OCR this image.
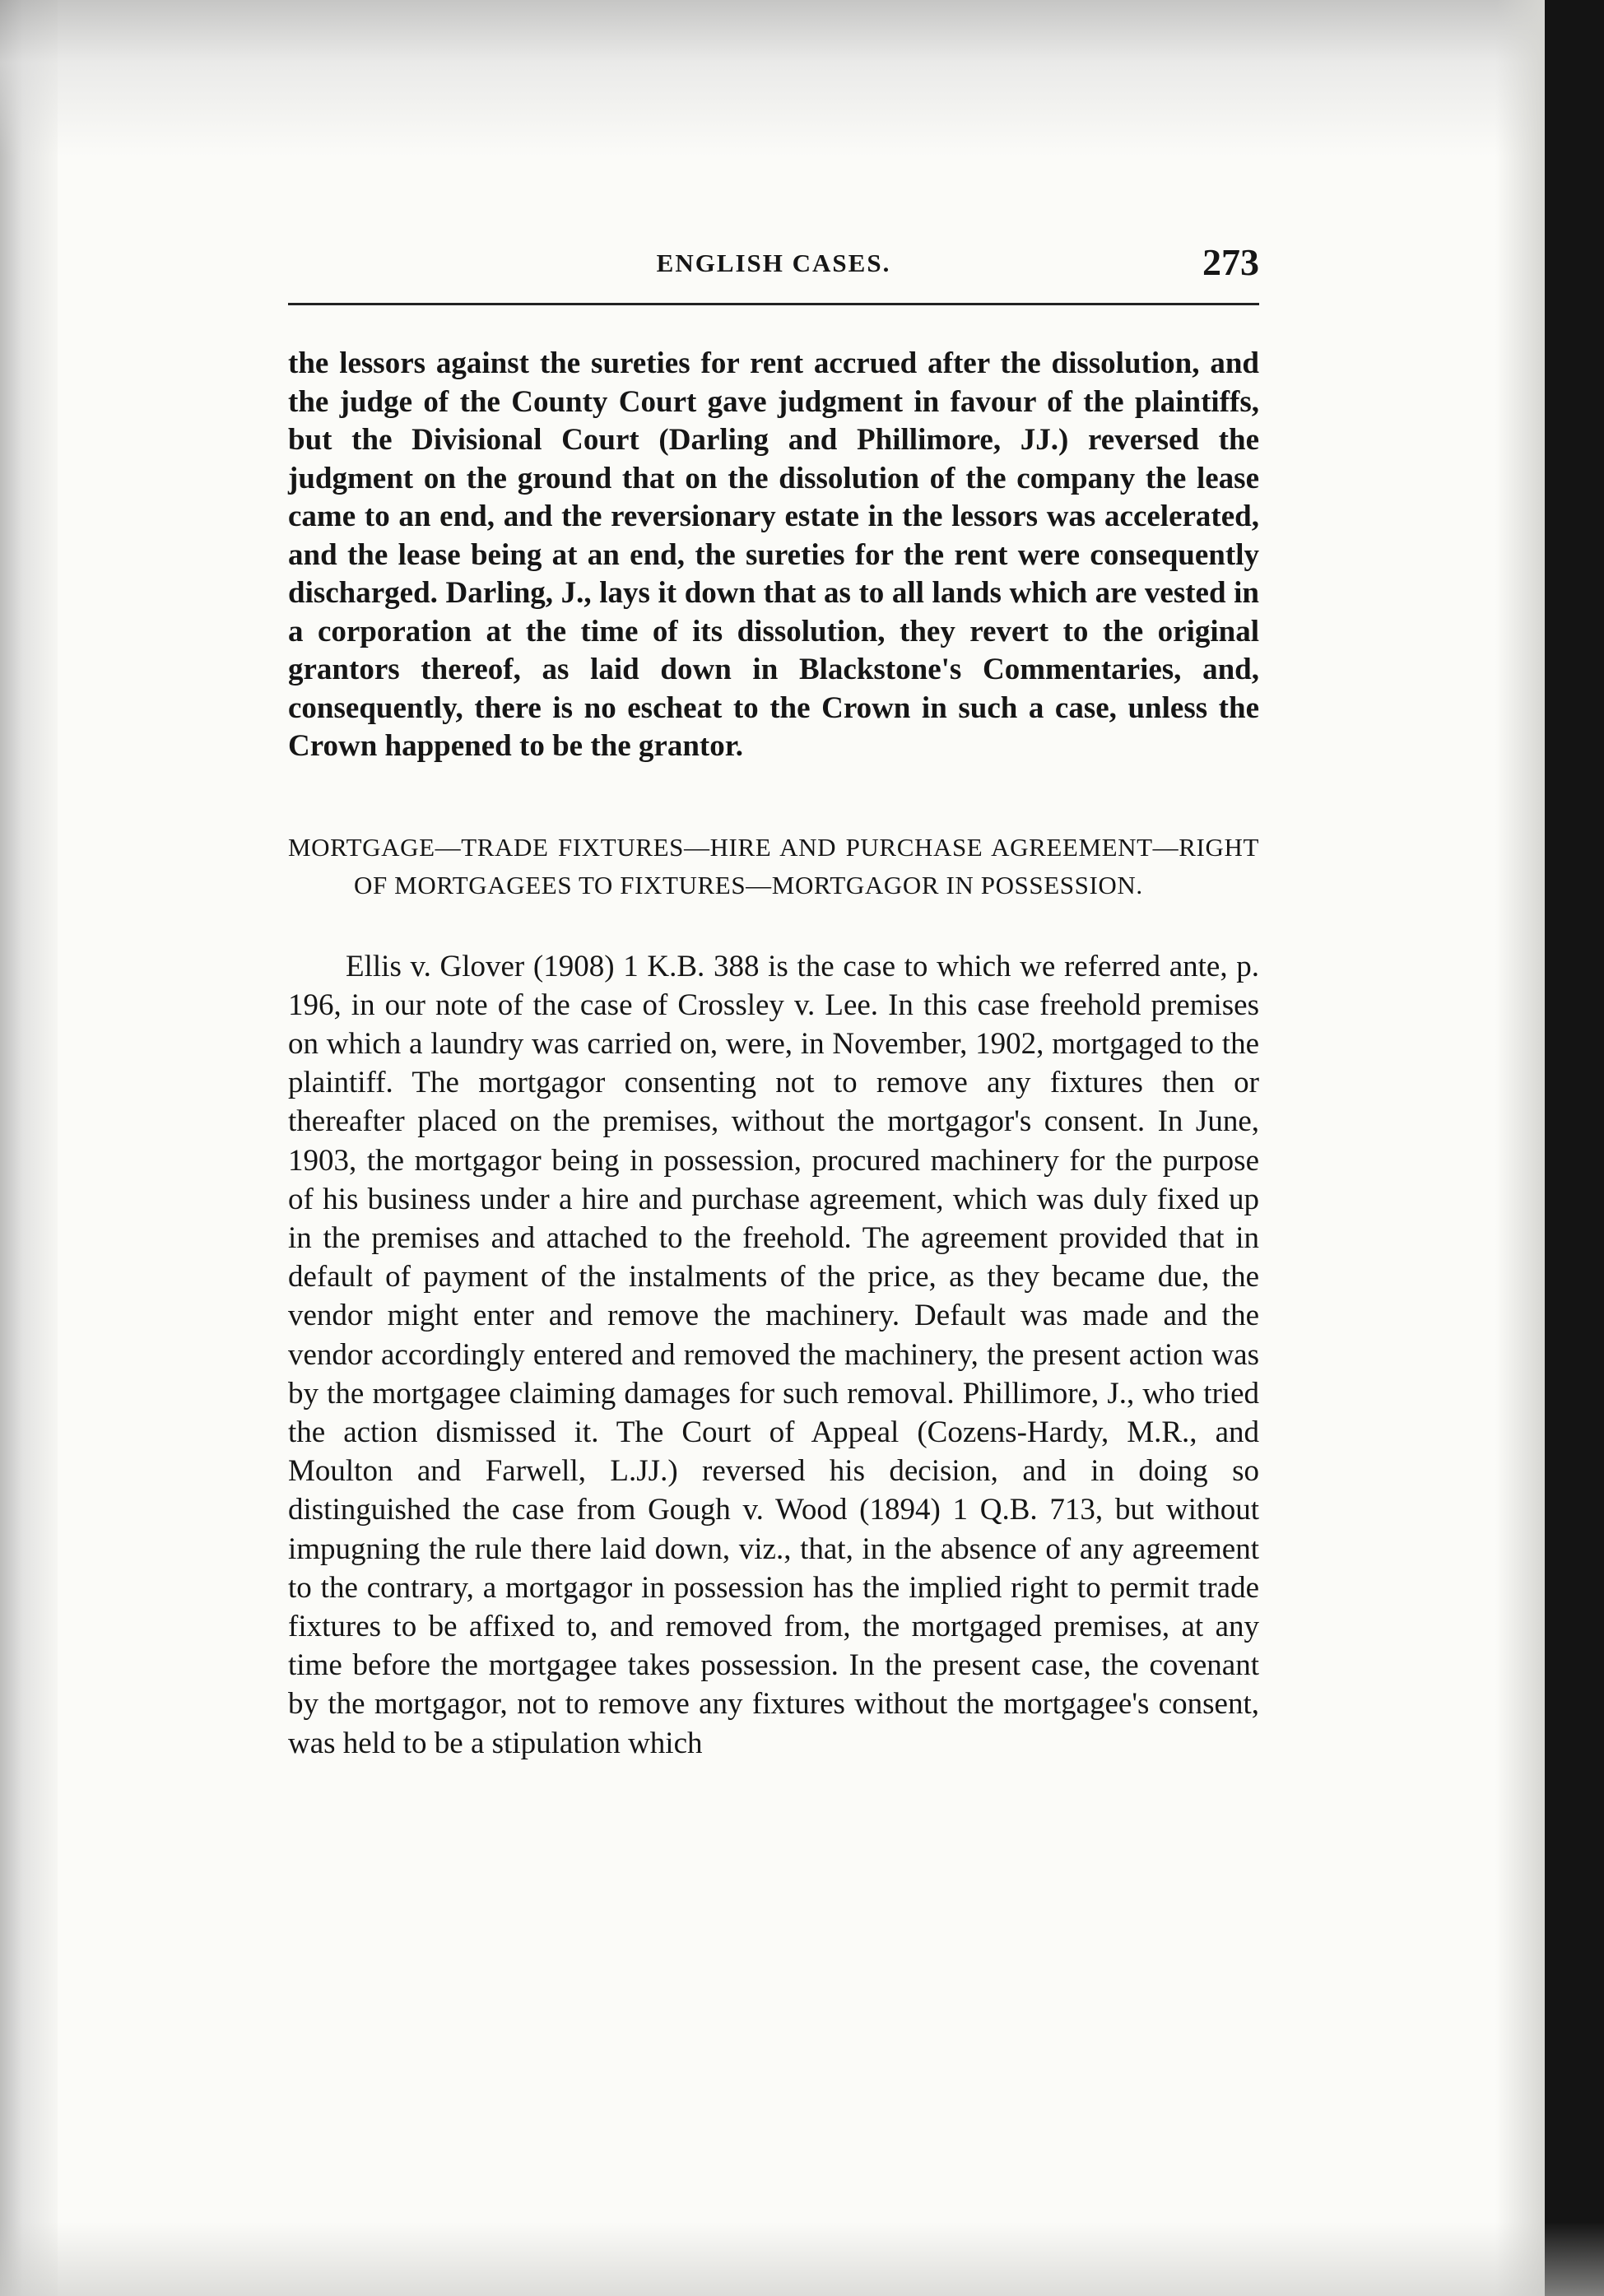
ENGLISH CASES.	273

the lessors against the sureties for rent accrued after the dissolution, and the judge of the County Court gave judgment in favour of the plaintiffs, but the Divisional Court (Darling and Phillimore, JJ.) reversed the judgment on the ground that on the dissolution of the company the lease came to an end, and the reversionary estate in the lessors was accelerated, and the lease being at an end, the sureties for the rent were consequently discharged. Darling, J., lays it down that as to all lands which are vested in a corporation at the time of its dissolution, they revert to the original grantors thereof, as laid down in Blackstone's Commentaries, and, consequently, there is no escheat to the Crown in such a case, unless the Crown happened to be the grantor.

MORTGAGE—TRADE FIXTURES—HIRE AND PURCHASE AGREEMENT—RIGHT OF MORTGAGEES TO FIXTURES—MORTGAGOR IN POSSESSION.

Ellis v. Glover (1908) 1 K.B. 388 is the case to which we referred ante, p. 196, in our note of the case of Crossley v. Lee. In this case freehold premises on which a laundry was carried on, were, in November, 1902, mortgaged to the plaintiff. The mortgagor consenting not to remove any fixtures then or thereafter placed on the premises, without the mortgagor's consent. In June, 1903, the mortgagor being in possession, procured machinery for the purpose of his business under a hire and purchase agreement, which was duly fixed up in the premises and attached to the freehold. The agreement provided that in default of payment of the instalments of the price, as they became due, the vendor might enter and remove the machinery. Default was made and the vendor accordingly entered and removed the machinery, the present action was by the mortgagee claiming damages for such removal. Phillimore, J., who tried the action dismissed it. The Court of Appeal (Cozens-Hardy, M.R., and Moulton and Farwell, L.JJ.) reversed his decision, and in doing so distinguished the case from Gough v. Wood (1894) 1 Q.B. 713, but without impugning the rule there laid down, viz., that, in the absence of any agreement to the contrary, a mortgagor in possession has the implied right to permit trade fixtures to be affixed to, and removed from, the mortgaged premises, at any time before the mortgagee takes possession. In the present case, the covenant by the mortgagor, not to remove any fixtures without the mortgagee's consent, was held to be a stipulation which
